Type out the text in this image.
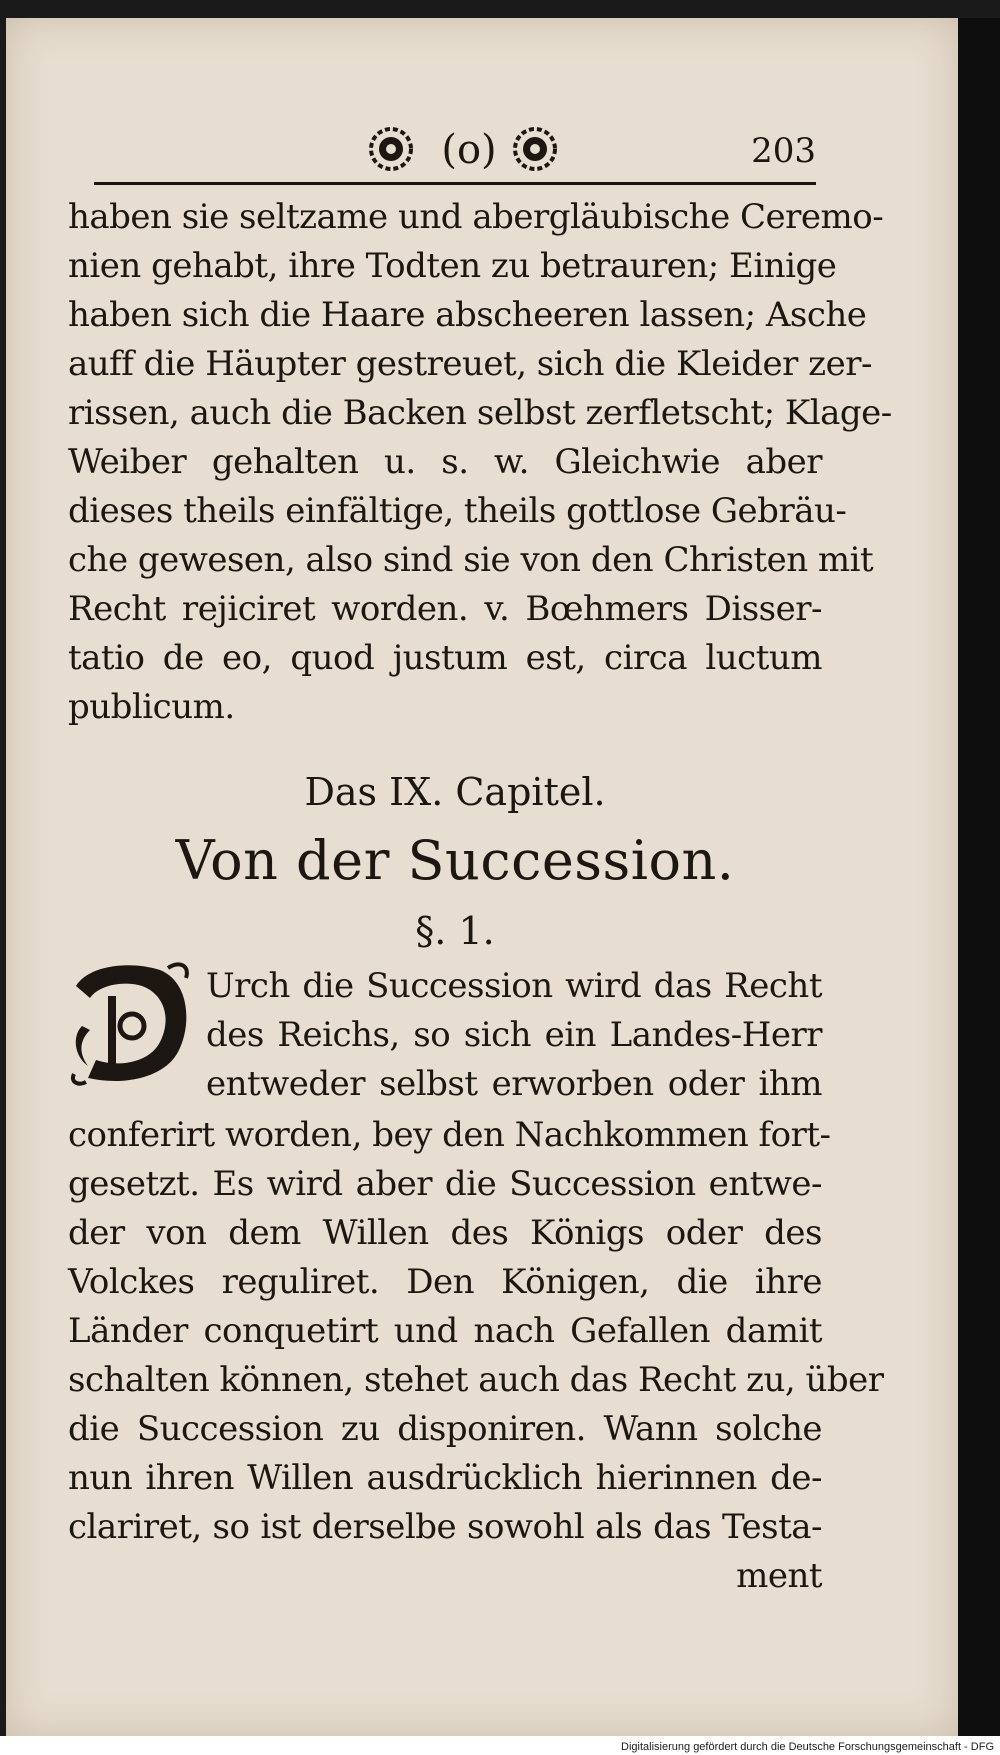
(o)	203
haben sie seltzame und abergläubische Ceremo-
nien gehabt, ihre Todten zu betrauren; Einige
haben sich die Haare abscheeren lassen; Asche
auff die Häupter gestreuet, sich die Kleider zer-
rissen, auch die Backen selbst zerfletscht; Klage-
Weiber gehalten u. s. w. Gleichwie aber
dieses theils einfältige, theils gottlose Gebräu-
che gewesen, also sind sie von den Christen mit
Recht rejiciret worden. v. Bœhmers Disser-
tatio de eo, quod justum est, circa luctum
publicum.
Das IX. Capitel.
Von der Succession.
§. 1.
Urch die Succession wird das Recht
des Reichs, so sich ein Landes-Herr
entweder selbst erworben oder ihm
conferirt worden, bey den Nachkommen fort-
gesetzt. Es wird aber die Succession entwe-
der von dem Willen des Königs oder des
Volckes reguliret. Den Königen, die ihre
Länder conquetirt und nach Gefallen damit
schalten können, stehet auch das Recht zu, über
die Succession zu disponiren. Wann solche
nun ihren Willen ausdrücklich hierinnen de-
clariret, so ist derselbe sowohl als das Testa-
ment
Digitalisierung gefördert durch die Deutsche Forschungsgemeinschaft - DFG
